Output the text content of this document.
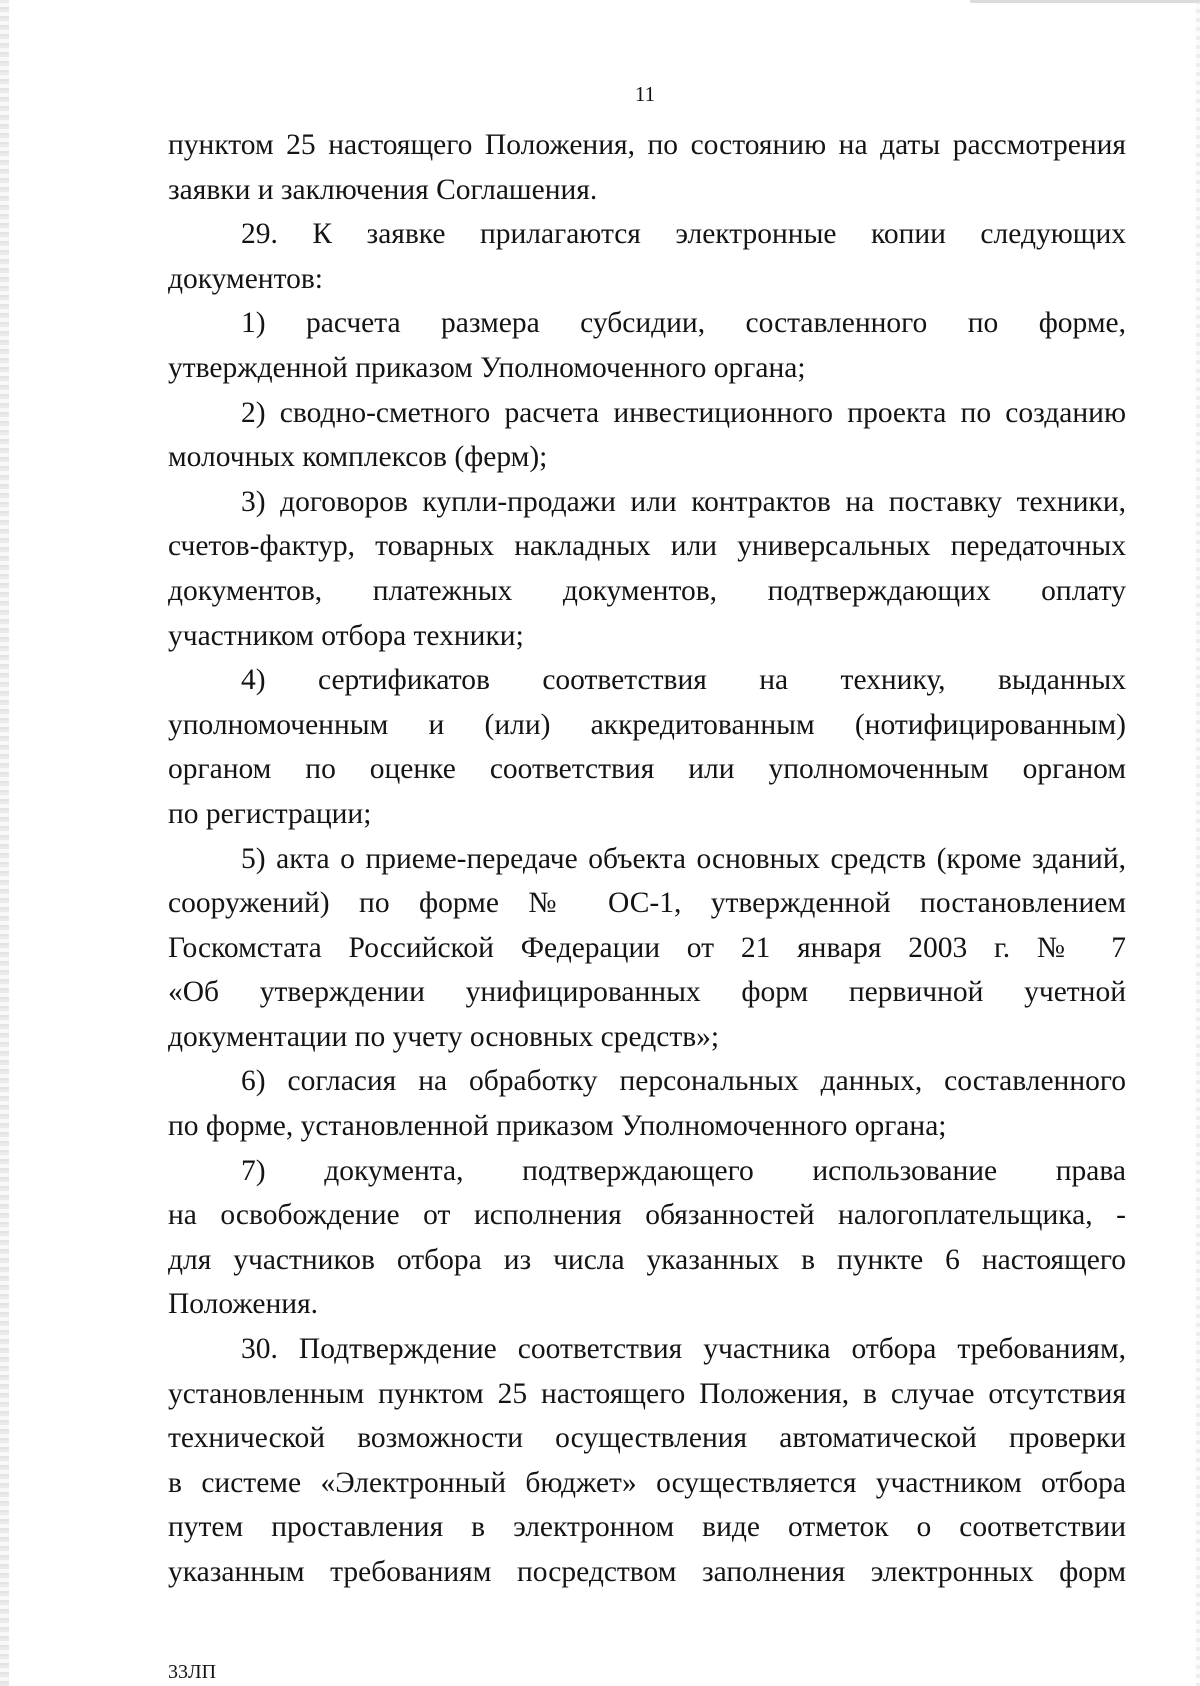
11

пунктом 25 настоящего Положения, по состоянию на даты рассмотрения
заявки и заключения Соглашения.

29. К заявке прилагаются электронные копии следующих
документов:

1) расчета размера субсидии, составленного по форме,
утвержденной приказом Уполномоченного органа;

2) сводно-сметного расчета инвестиционного проекта по созданию
молочных комплексов (ферм);

3) договоров купли-продажи или контрактов на поставку техники,
счетов-фактур, товарных накладных или универсальных передаточных
документов, платежных документов, подтверждающих оплату
участником отбора техники;

4) сертификатов соответствия на технику, выданных
уполномоченным и (или) аккредитованным (нотифицированным)
органом по оценке соответствия или уполномоченным органом
по регистрации;

5) акта о приеме-передаче объекта основных средств (кроме зданий,
сооружений) по форме № ОС-1, утвержденной постановлением
Госкомстата Российской Федерации от 21 января 2003 г. № 7
«Об утверждении унифицированных форм первичной учетной
документации по учету основных средств»;

6) согласия на обработку персональных данных, составленного
по форме, установленной приказом Уполномоченного органа;

7) документа, подтверждающего использование права
на освобождение от исполнения обязанностей налогоплательщика, -
для участников отбора из числа указанных в пункте 6 настоящего
Положения.

30. Подтверждение соответствия участника отбора требованиям,
установленным пунктом 25 настоящего Положения, в случае отсутствия
технической возможности осуществления автоматической проверки
в системе «Электронный бюджет» осуществляется участником отбора
путем проставления в электронном виде отметок о соответствии
указанным требованиям посредством заполнения электронных форм

33ЛП
